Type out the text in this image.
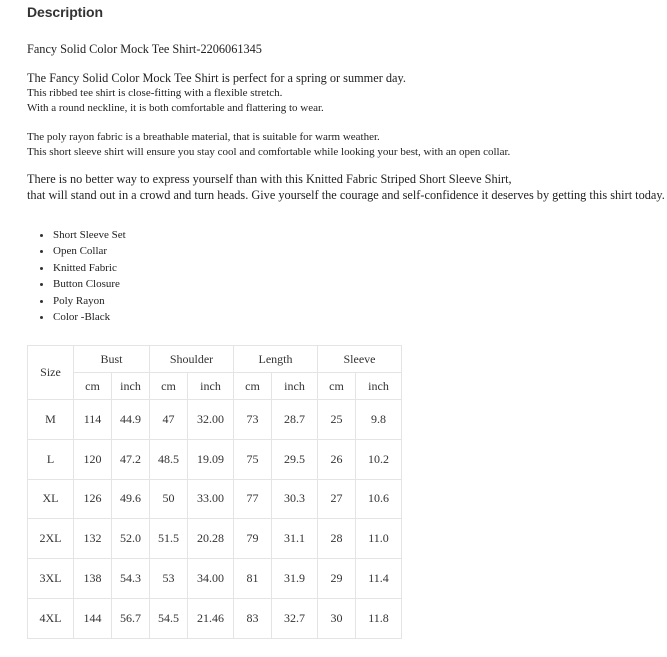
Description
Fancy Solid Color Mock Tee Shirt-2206061345
The Fancy Solid Color Mock Tee Shirt is perfect for a spring or summer day.
This ribbed tee shirt is close-fitting with a flexible stretch.
With a round neckline, it is both comfortable and flattering to wear.
The poly rayon fabric is a breathable material, that is suitable for warm weather.
This short sleeve shirt will ensure you stay cool and comfortable while looking your best, with an open collar.
There is no better way to express yourself than with this Knitted Fabric Striped Short Sleeve Shirt,
that will stand out in a crowd and turn heads. Give yourself the courage and self-confidence it deserves by getting this shirt today.
Short Sleeve Set
Open Collar
Knitted Fabric
Button Closure
Poly Rayon
Color -Black
Size	Bust		Shoulder		Length		Sleeve	
	cm	inch	cm	inch	cm	inch	cm	inch
M	114	44.9	47	32.00	73	28.7	25	9.8
L	120	47.2	48.5	19.09	75	29.5	26	10.2
XL	126	49.6	50	33.00	77	30.3	27	10.6
2XL	132	52.0	51.5	20.28	79	31.1	28	11.0
3XL	138	54.3	53	34.00	81	31.9	29	11.4
4XL	144	56.7	54.5	21.46	83	32.7	30	11.8
